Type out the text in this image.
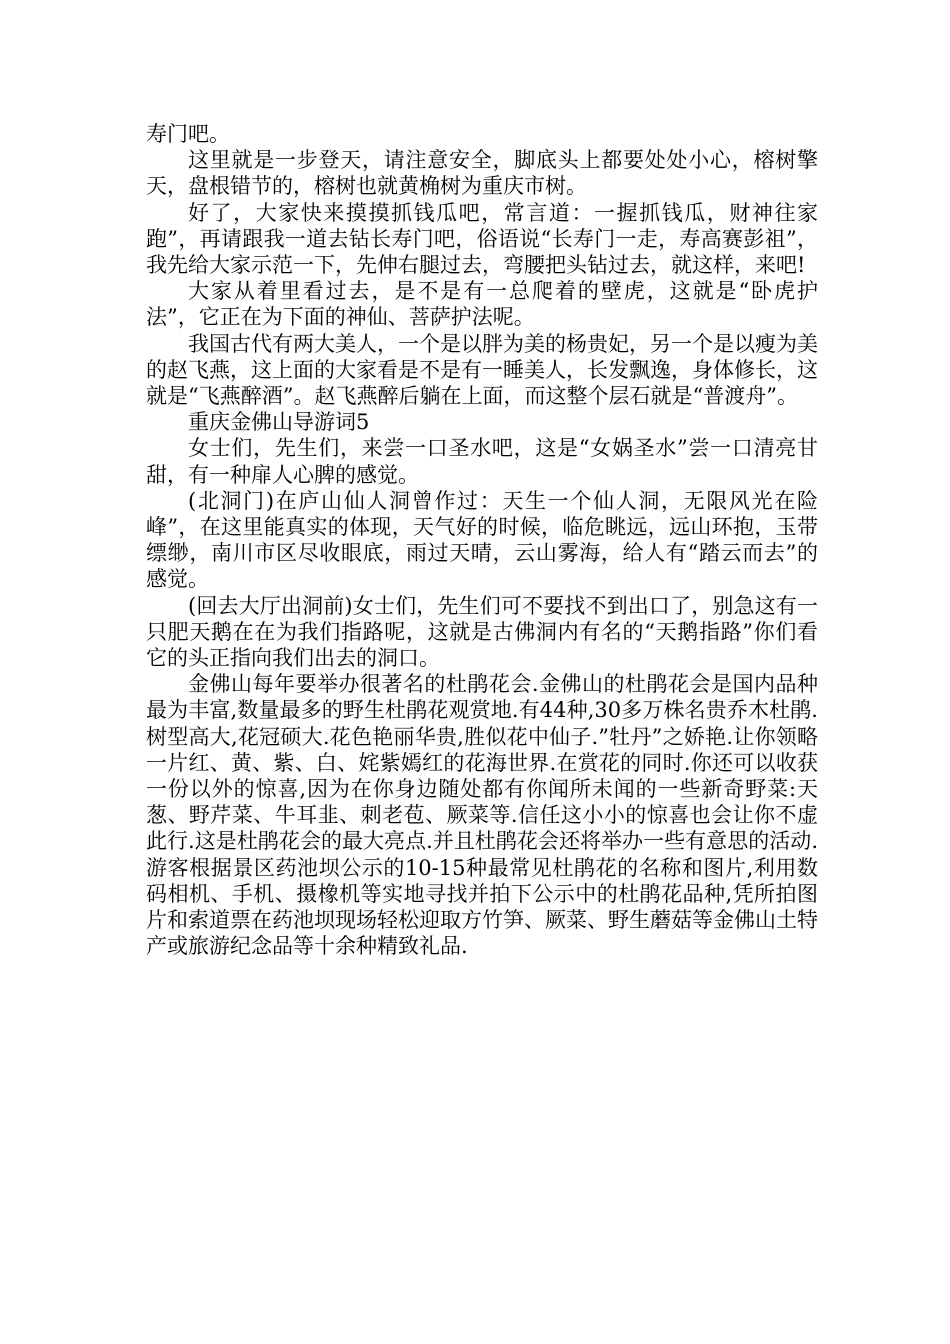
寿门吧。

这里就是一步登天，请注意安全，脚底头上都要处处小心，榕树擎天，盘根错节的，榕树也就黄桷树为重庆市树。

好了，大家快来摸摸抓钱瓜吧，常言道：一握抓钱瓜，财神往家跑”，再请跟我一道去钻长寿门吧，俗语说“长寿门一走，寿高赛彭祖”，我先给大家示范一下，先伸右腿过去，弯腰把头钻过去，就这样，来吧!

大家从着里看过去，是不是有一总爬着的壁虎，这就是“卧虎护法”，它正在为下面的神仙、菩萨护法呢。

我国古代有两大美人，一个是以胖为美的杨贵妃，另一个是以瘦为美的赵飞燕，这上面的大家看是不是有一睡美人，长发飘逸，身体修长，这就是“飞燕醉酒”。赵飞燕醉后躺在上面，而这整个层石就是“普渡舟”。

重庆金佛山导游词5

女士们，先生们，来尝一口圣水吧，这是“女娲圣水”尝一口清亮甘甜，有一种扉人心脾的感觉。

(北洞门)在庐山仙人洞曾作过：天生一个仙人洞，无限风光在险峰”，在这里能真实的体现，天气好的时候，临危眺远，远山环抱，玉带缥缈，南川市区尽收眼底，雨过天晴，云山雾海，给人有“踏云而去”的感觉。

(回去大厅出洞前)女士们，先生们可不要找不到出口了，别急这有一只肥天鹅在在为我们指路呢，这就是古佛洞内有名的“天鹅指路”你们看它的头正指向我们出去的洞口。

金佛山每年要举办很著名的杜鹃花会.金佛山的杜鹃花会是国内品种最为丰富,数量最多的野生杜鹃花观赏地.有44种,30多万株名贵乔木杜鹃.树型高大,花冠硕大.花色艳丽华贵,胜似花中仙子.”牡丹”之娇艳.让你领略一片红、黄、紫、白、姹紫嫣红的花海世界.在赏花的同时.你还可以收获一份以外的惊喜,因为在你身边随处都有你闻所未闻的一些新奇野菜:天葱、野芹菜、牛耳韭、刺老苞、厥菜等.信任这小小的惊喜也会让你不虚此行.这是杜鹃花会的最大亮点.并且杜鹃花会还将举办一些有意思的活动.游客根据景区药池坝公示的10-15种最常见杜鹃花的名称和图片,利用数码相机、手机、摄橡机等实地寻找并拍下公示中的杜鹃花品种,凭所拍图片和索道票在药池坝现场轻松迎取方竹笋、厥菜、野生蘑菇等金佛山土特产或旅游纪念品等十余种精致礼品.
